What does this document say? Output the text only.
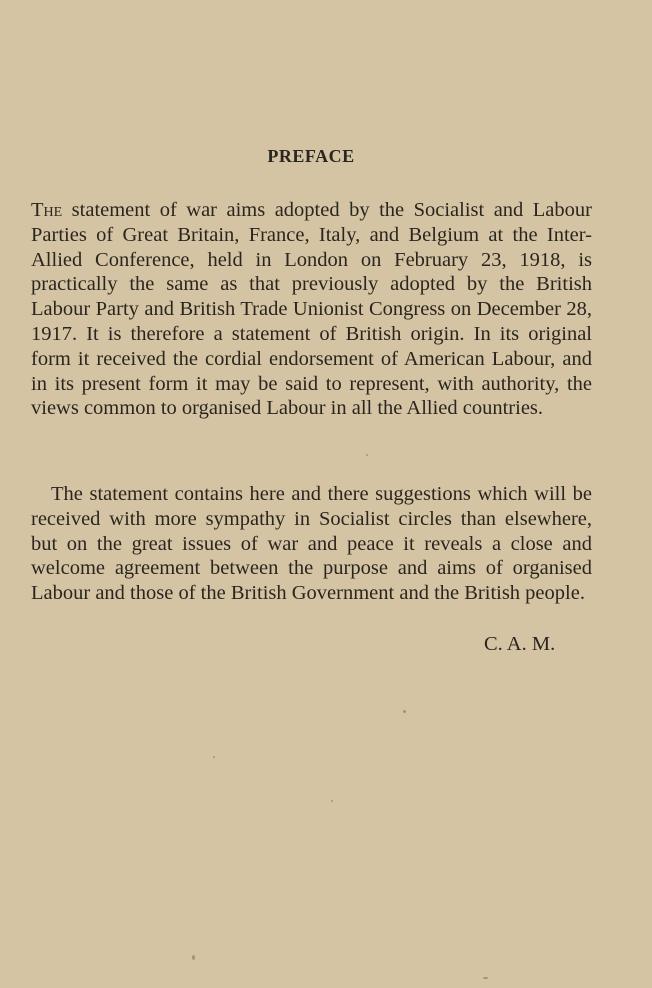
PREFACE

The statement of war aims adopted by the Socialist and Labour Parties of Great Britain, France, Italy, and Belgium at the Inter-Allied Conference, held in London on February 23, 1918, is practically the same as that previously adopted by the British Labour Party and British Trade Unionist Congress on December 28, 1917. It is therefore a statement of British origin. In its original form it received the cordial endorsement of American Labour, and in its present form it may be said to represent, with authority, the views common to organised Labour in all the Allied countries.

The statement contains here and there suggestions which will be received with more sympathy in Socialist circles than elsewhere, but on the great issues of war and peace it reveals a close and welcome agreement between the purpose and aims of organised Labour and those of the British Government and the British people.

C. A. M.
